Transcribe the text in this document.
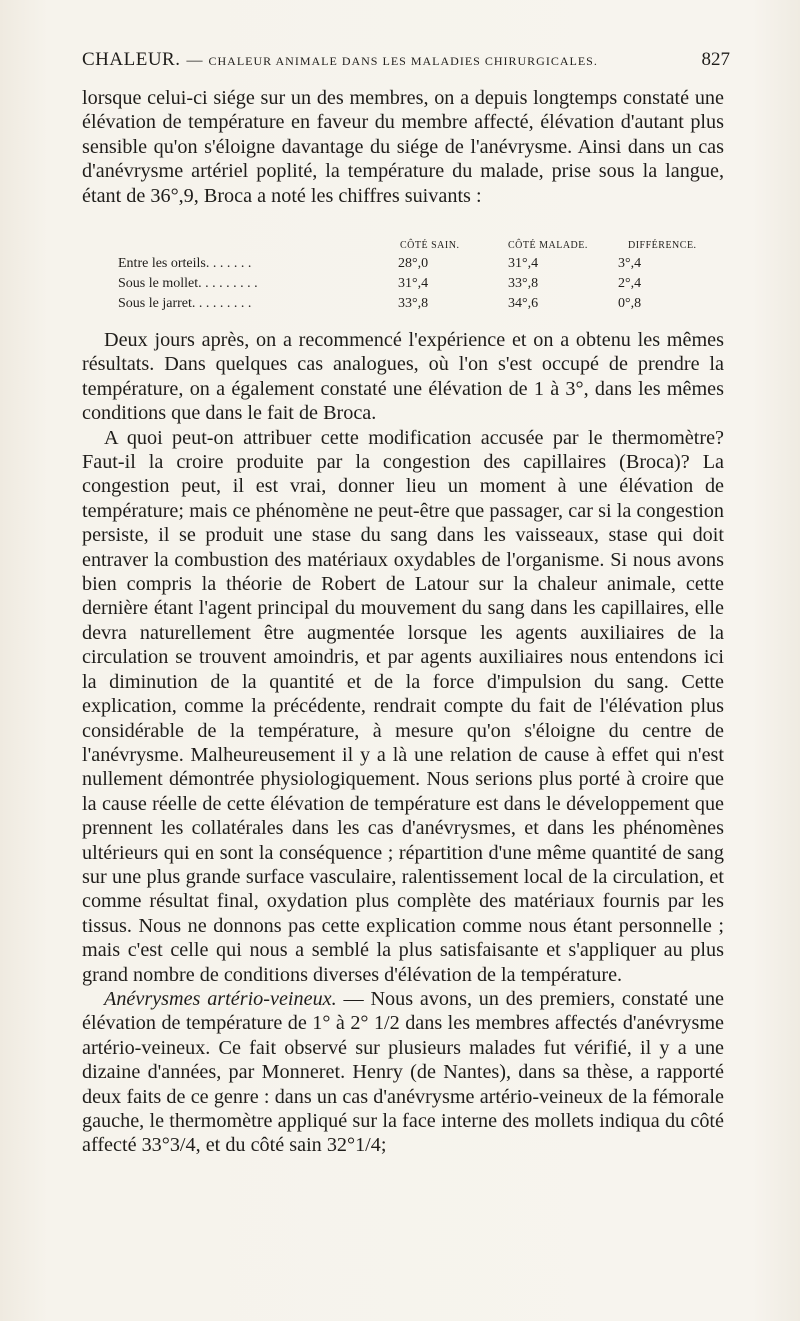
CHALEUR. — CHALEUR ANIMALE DANS LES MALADIES CHIRURGICALES.	827

lorsque celui-ci siége sur un des membres, on a depuis longtemps constaté une élévation de température en faveur du membre affecté, élévation d'autant plus sensible qu'on s'éloigne davantage du siége de l'anévrysme. Ainsi dans un cas d'anévrysme artériel poplité, la température du malade, prise sous la langue, étant de 36°,9, Broca a noté les chiffres suivants :

CÔTÉ SAIN.	CÔTÉ MALADE.	DIFFÉRENCE.
Entre les orteils. . . . . . .	28°,0	31°,4	3°,4
Sous le mollet. . . . . . . . .	31°,4	33°,8	2°,4
Sous le jarret. . . . . . . . .	33°,8	34°,6	0°,8

Deux jours après, on a recommencé l'expérience et on a obtenu les mêmes résultats. Dans quelques cas analogues, où l'on s'est occupé de prendre la température, on a également constaté une élévation de 1 à 3°, dans les mêmes conditions que dans le fait de Broca.

A quoi peut-on attribuer cette modification accusée par le thermomètre? Faut-il la croire produite par la congestion des capillaires (Broca)? La congestion peut, il est vrai, donner lieu un moment à une élévation de température; mais ce phénomène ne peut-être que passager, car si la congestion persiste, il se produit une stase du sang dans les vaisseaux, stase qui doit entraver la combustion des matériaux oxydables de l'organisme. Si nous avons bien compris la théorie de Robert de Latour sur la chaleur animale, cette dernière étant l'agent principal du mouvement du sang dans les capillaires, elle devra naturellement être augmentée lorsque les agents auxiliaires de la circulation se trouvent amoindris, et par agents auxiliaires nous entendons ici la diminution de la quantité et de la force d'impulsion du sang. Cette explication, comme la précédente, rendrait compte du fait de l'élévation plus considérable de la température, à mesure qu'on s'éloigne du centre de l'anévrysme. Malheureusement il y a là une relation de cause à effet qui n'est nullement démontrée physiologiquement. Nous serions plus porté à croire que la cause réelle de cette élévation de température est dans le développement que prennent les collatérales dans les cas d'anévrysmes, et dans les phénomènes ultérieurs qui en sont la conséquence ; répartition d'une même quantité de sang sur une plus grande surface vasculaire, ralentissement local de la circulation, et comme résultat final, oxydation plus complète des matériaux fournis par les tissus. Nous ne donnons pas cette explication comme nous étant personnelle ; mais c'est celle qui nous a semblé la plus satisfaisante et s'appliquer au plus grand nombre de conditions diverses d'élévation de la température.

Anévrysmes artério-veineux. — Nous avons, un des premiers, constaté une élévation de température de 1° à 2° 1/2 dans les membres affectés d'anévrysme artério-veineux. Ce fait observé sur plusieurs malades fut vérifié, il y a une dizaine d'années, par Monneret. Henry (de Nantes), dans sa thèse, a rapporté deux faits de ce genre : dans un cas d'anévrysme artério-veineux de la fémorale gauche, le thermomètre appliqué sur la face interne des mollets indiqua du côté affecté 33°3/4, et du côté sain 32°1/4;
